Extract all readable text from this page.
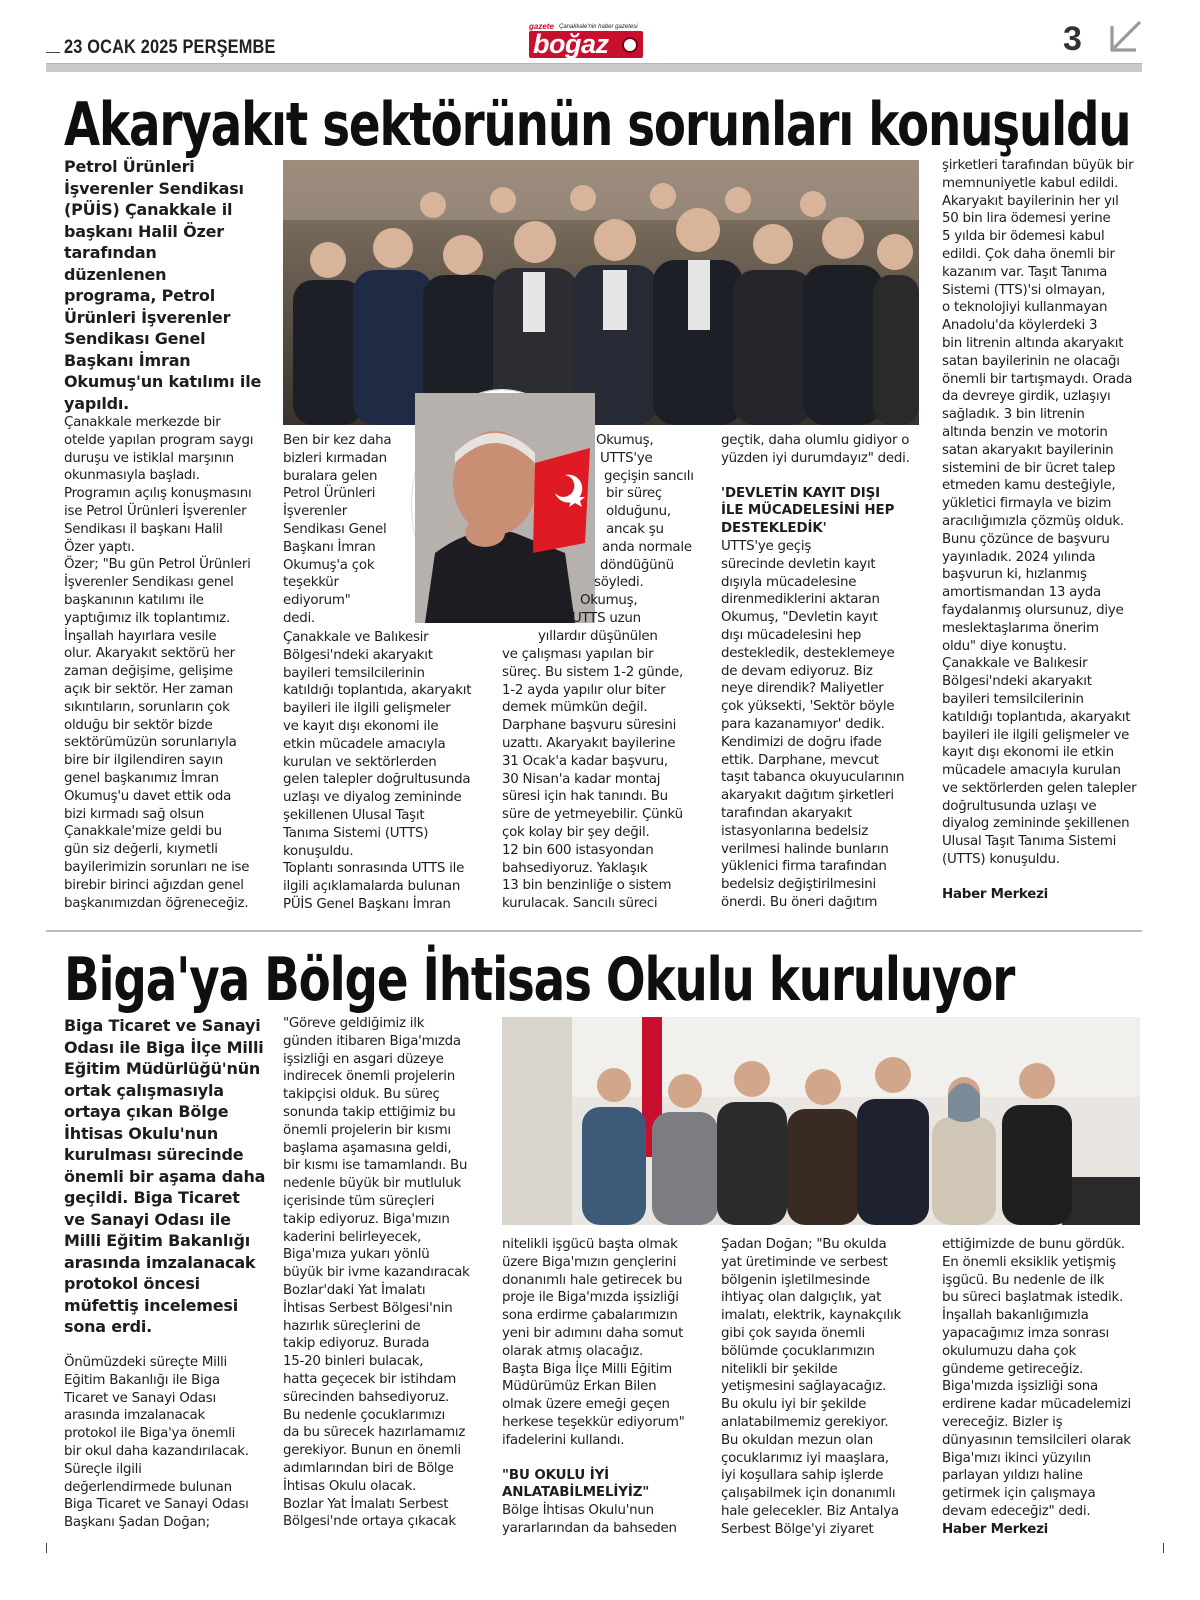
23 OCAK 2025 PERŞEMBE
gazete Çanakkale'nin haber gazetesi
boğaz	3
Akaryakıt sektörünün sorunları konuşuldu
Petrol Ürünleri
İşverenler Sendikası
(PÜİS) Çanakkale il
başkanı Halil Özer
tarafından düzenlenen
programa, Petrol
Ürünleri İşverenler
Sendikası Genel
Başkanı İmran
Okumuş'un katılımı ile
yapıldı.

Çanakkale merkezde bir

otelde yapılan program saygı

duruşu ve istiklal marşının

okunmasıyla başladı.

Programın açılış konuşmasını

ise Petrol Ürünleri İşverenler

Sendikası il başkanı Halil

Özer yaptı.

Özer; "Bu gün Petrol Ürünleri

İşverenler Sendikası genel

başkanının katılımı ile

yaptığımız ilk toplantımız.

İnşallah hayırlara vesile

olur. Akaryakıt sektörü her

zaman değişime, gelişime

açık bir sektör. Her zaman

sıkıntıların, sorunların çok

olduğu bir sektör bizde

sektörümüzün sorunlarıyla

bire bir ilgilendiren sayın

genel başkanımız İmran

Okumuş'u davet ettik oda

bizi kırmadı sağ olsun

Çanakkale'mize geldi bu

gün siz değerli, kıymetli

bayilerimizin sorunları ne ise

birebir birinci ağızdan genel

başkanımızdan öğreneceğiz.

Ben bir kez daha

bizleri kırmadan

buralara gelen

Petrol Ürünleri

İşverenler

Sendikası Genel

Başkanı İmran

Okumuş'a çok

teşekkür ediyorum"

dedi.

Çanakkale ve Balıkesir

Bölgesi'ndeki akaryakıt

bayileri temsilcilerinin

katıldığı toplantıda, akaryakıt

bayileri ile ilgili gelişmeler

ve kayıt dışı ekonomi ile

etkin mücadele amacıyla

kurulan ve sektörlerden

gelen talepler doğrultusunda

uzlaşı ve diyalog zemininde

şekillenen Ulusal Taşıt

Tanıma Sistemi (UTTS)

konuşuldu.

Toplantı sonrasında UTTS ile

ilgili açıklamalarda bulunan

PÜİS Genel Başkanı İmran

Okumuş,

UTTS'ye

geçişin sancılı

bir süreç

olduğunu,

ancak şu

anda normale

döndüğünü

söyledi.

Okumuş,

"UTTS uzun

yıllardır düşünülen

ve çalışması yapılan bir

süreç. Bu sistem 1-2 günde,

1-2 ayda yapılır olur biter

demek mümkün değil.

Darphane başvuru süresini

uzattı. Akaryakıt bayilerine

31 Ocak'a kadar başvuru,

30 Nisan'a kadar montaj

süresi için hak tanındı. Bu

süre de yetmeyebilir. Çünkü

çok kolay bir şey değil.

12 bin 600 istasyondan

bahsediyoruz. Yaklaşık

13 bin benzinliğe o sistem

kurulacak. Sancılı süreci

geçtik, daha olumlu gidiyor o

yüzden iyi durumdayız" dedi.

'DEVLETİN KAYIT DIŞI
İLE MÜCADELESİNİ HEP
DESTEKLEDİK'

UTTS'ye geçiş

sürecinde devletin kayıt

dışıyla mücadelesine

direnmediklerini aktaran

Okumuş, "Devletin kayıt

dışı mücadelesini hep

destekledik, desteklemeye

de devam ediyoruz. Biz

neye direndik? Maliyetler

çok yüksekti, 'Sektör böyle

para kazanamıyor' dedik.

Kendimizi de doğru ifade

ettik. Darphane, mevcut

taşıt tabanca okuyucularının

akaryakıt dağıtım şirketleri

tarafından akaryakıt

istasyonlarına bedelsiz

verilmesi halinde bunların

yüklenici firma tarafından

bedelsiz değiştirilmesini

önerdi. Bu öneri dağıtım

şirketleri tarafından büyük bir

memnuniyetle kabul edildi.

Akaryakıt bayilerinin her yıl

50 bin lira ödemesi yerine

5 yılda bir ödemesi kabul

edildi. Çok daha önemli bir

kazanım var. Taşıt Tanıma

Sistemi (TTS)'si olmayan,

o teknolojiyi kullanmayan

Anadolu'da köylerdeki 3

bin litrenin altında akaryakıt

satan bayilerinin ne olacağı

önemli bir tartışmaydı. Orada

da devreye girdik, uzlaşıyı

sağladık. 3 bin litrenin

altında benzin ve motorin

satan akaryakıt bayilerinin

sistemini de bir ücret talep

etmeden kamu desteğiyle,

yükletici firmayla ve bizim

aracılığımızla çözmüş olduk.

Bunu çözünce de başvuru

yayınladık. 2024 yılında

başvurun ki, hızlanmış

amortismandan 13 ayda

faydalanmış olursunuz, diye

meslektaşlarıma önerim

oldu" diye konuştu.

Çanakkale ve Balıkesir

Bölgesi'ndeki akaryakıt

bayileri temsilcilerinin

katıldığı toplantıda, akaryakıt

bayileri ile ilgili gelişmeler ve

kayıt dışı ekonomi ile etkin

mücadele amacıyla kurulan

ve sektörlerden gelen talepler

doğrultusunda uzlaşı ve

diyalog zemininde şekillenen

Ulusal Taşıt Tanıma Sistemi

(UTTS) konuşuldu.

Haber Merkezi
Biga'ya Bölge İhtisas Okulu kuruluyor
Biga Ticaret ve Sanayi
Odası ile Biga İlçe Milli
Eğitim Müdürlüğü'nün
ortak çalışmasıyla
ortaya çıkan Bölge
İhtisas Okulu'nun
kurulması sürecinde
önemli bir aşama daha
geçildi. Biga Ticaret
ve Sanayi Odası ile
Milli Eğitim Bakanlığı
arasında imzalanacak
protokol öncesi
müfettiş incelemesi
sona erdi.

Önümüzdeki süreçte Milli

Eğitim Bakanlığı ile Biga

Ticaret ve Sanayi Odası

arasında imzalanacak

protokol ile Biga'ya önemli

bir okul daha kazandırılacak.

Süreçle ilgili

değerlendirmede bulunan

Biga Ticaret ve Sanayi Odası

Başkanı Şadan Doğan;

"Göreve geldiğimiz ilk

günden itibaren Biga'mızda

işsizliği en asgari düzeye

indirecek önemli projelerin

takipçisi olduk. Bu süreç

sonunda takip ettiğimiz bu

önemli projelerin bir kısmı

başlama aşamasına geldi,

bir kısmı ise tamamlandı. Bu

nedenle büyük bir mutluluk

içerisinde tüm süreçleri

takip ediyoruz. Biga'mızın

kaderini belirleyecek,

Biga'mıza yukarı yönlü

büyük bir ivme kazandıracak

Bozlar'daki Yat İmalatı

İhtisas Serbest Bölgesi'nin

hazırlık süreçlerini de

takip ediyoruz. Burada

15-20 binleri bulacak,

hatta geçecek bir istihdam

sürecinden bahsediyoruz.

Bu nedenle çocuklarımızı

da bu sürecek hazırlamamız

gerekiyor. Bunun en önemli

adımlarından biri de Bölge

İhtisas Okulu olacak.

Bozlar Yat İmalatı Serbest

Bölgesi'nde ortaya çıkacak

nitelikli işgücü başta olmak

üzere Biga'mızın gençlerini

donanımlı hale getirecek bu

proje ile Biga'mızda işsizliği

sona erdirme çabalarımızın

yeni bir adımını daha somut

olarak atmış olacağız.

Başta Biga İlçe Milli Eğitim

Müdürümüz Erkan Bilen

olmak üzere emeği geçen

herkese teşekkür ediyorum"

ifadelerini kullandı.

"BU OKULU İYİ
ANLATABİLMELİYİZ"

Bölge İhtisas Okulu'nun

yararlarından da bahseden

Şadan Doğan; "Bu okulda

yat üretiminde ve serbest

bölgenin işletilmesinde

ihtiyaç olan dalgıçlık, yat

imalatı, elektrik, kaynakçılık

gibi çok sayıda önemli

bölümde çocuklarımızın

nitelikli bir şekilde

yetişmesini sağlayacağız.

Bu okulu iyi bir şekilde

anlatabilmemiz gerekiyor.

Bu okuldan mezun olan

çocuklarımız iyi maaşlara,

iyi koşullara sahip işlerde

çalışabilmek için donanımlı

hale gelecekler. Biz Antalya

Serbest Bölge'yi ziyaret

ettiğimizde de bunu gördük.

En önemli eksiklik yetişmiş

işgücü. Bu nedenle de ilk

bu süreci başlatmak istedik.

İnşallah bakanlığımızla

yapacağımız imza sonrası

okulumuzu daha çok

gündeme getireceğiz.

Biga'mızda işsizliği sona

erdirene kadar mücadelemizi

vereceğiz. Bizler iş

dünyasının temsilcileri olarak

Biga'mızı ikinci yüzyılın

parlayan yıldızı haline

getirmek için çalışmaya

devam edeceğiz" dedi.

Haber Merkezi
